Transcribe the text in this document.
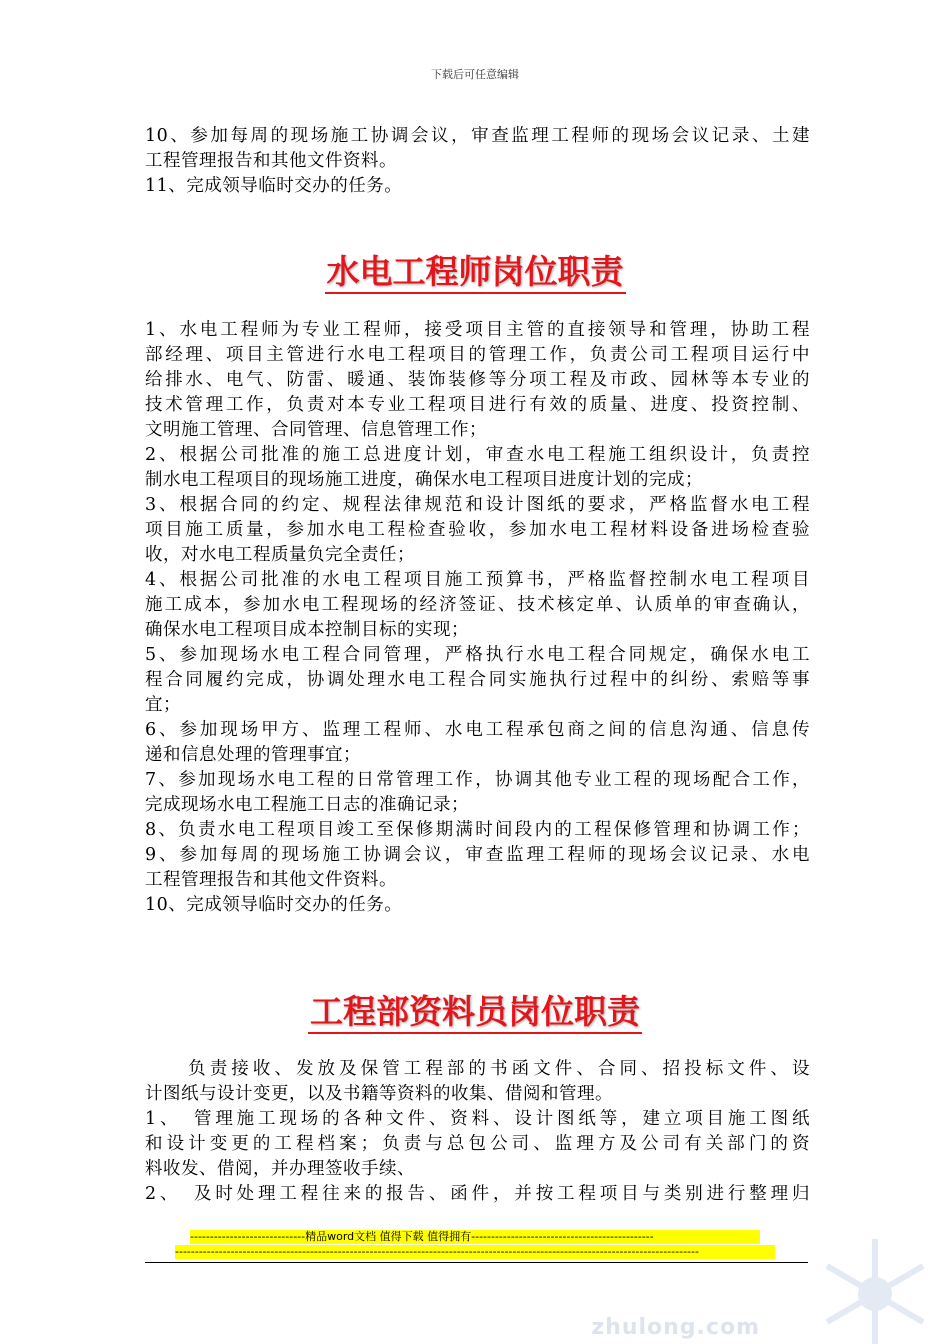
下载后可任意编辑
10、参加每周的现场施工协调会议，审查监理工程师的现场会议记录、土建
工程管理报告和其他文件资料。
11、完成领导临时交办的任务。
水电工程师岗位职责
1、水电工程师为专业工程师，接受项目主管的直接领导和管理，协助工程
部经理、项目主管进行水电工程项目的管理工作，负责公司工程项目运行中
给排水、电气、防雷、暖通、装饰装修等分项工程及市政、园林等本专业的
技术管理工作，负责对本专业工程项目进行有效的质量、进度、投资控制、
文明施工管理、合同管理、信息管理工作；
2、根据公司批准的施工总进度计划，审查水电工程施工组织设计，负责控
制水电工程项目的现场施工进度，确保水电工程项目进度计划的完成；
3、根据合同的约定、规程法律规范和设计图纸的要求，严格监督水电工程
项目施工质量，参加水电工程检查验收，参加水电工程材料设备进场检查验
收，对水电工程质量负完全责任；
4、根据公司批准的水电工程项目施工预算书，严格监督控制水电工程项目
施工成本，参加水电工程现场的经济签证、技术核定单、认质单的审查确认，
确保水电工程项目成本控制目标的实现；
5、参加现场水电工程合同管理，严格执行水电工程合同规定，确保水电工
程合同履约完成，协调处理水电工程合同实施执行过程中的纠纷、索赔等事
宜；
6、参加现场甲方、监理工程师、水电工程承包商之间的信息沟通、信息传
递和信息处理的管理事宜；
7、参加现场水电工程的日常管理工作，协调其他专业工程的现场配合工作，
完成现场水电工程施工日志的准确记录；
8、负责水电工程项目竣工至保修期满时间段内的工程保修管理和协调工作；
9、参加每周的现场施工协调会议，审查监理工程师的现场会议记录、水电
工程管理报告和其他文件资料。
10、完成领导临时交办的任务。
工程部资料员岗位职责
　　负责接收、发放及保管工程部的书函文件、合同、招投标文件、设
计图纸与设计变更，以及书籍等资料的收集、借阅和管理。
1、　管理施工现场的各种文件、资料、设计图纸等，建立项目施工图纸
和设计变更的工程档案；负责与总包公司、监理方及公司有关部门的资
料收发、借阅，并办理签收手续、
2、　及时处理工程往来的报告、函件，并按工程项目与类别进行整理归
-----------------------------精品word文档 值得下载 值得拥有----------------------------------------------
------------------------------------------------------------------------------------------------------------------------------------
zhulong.com
